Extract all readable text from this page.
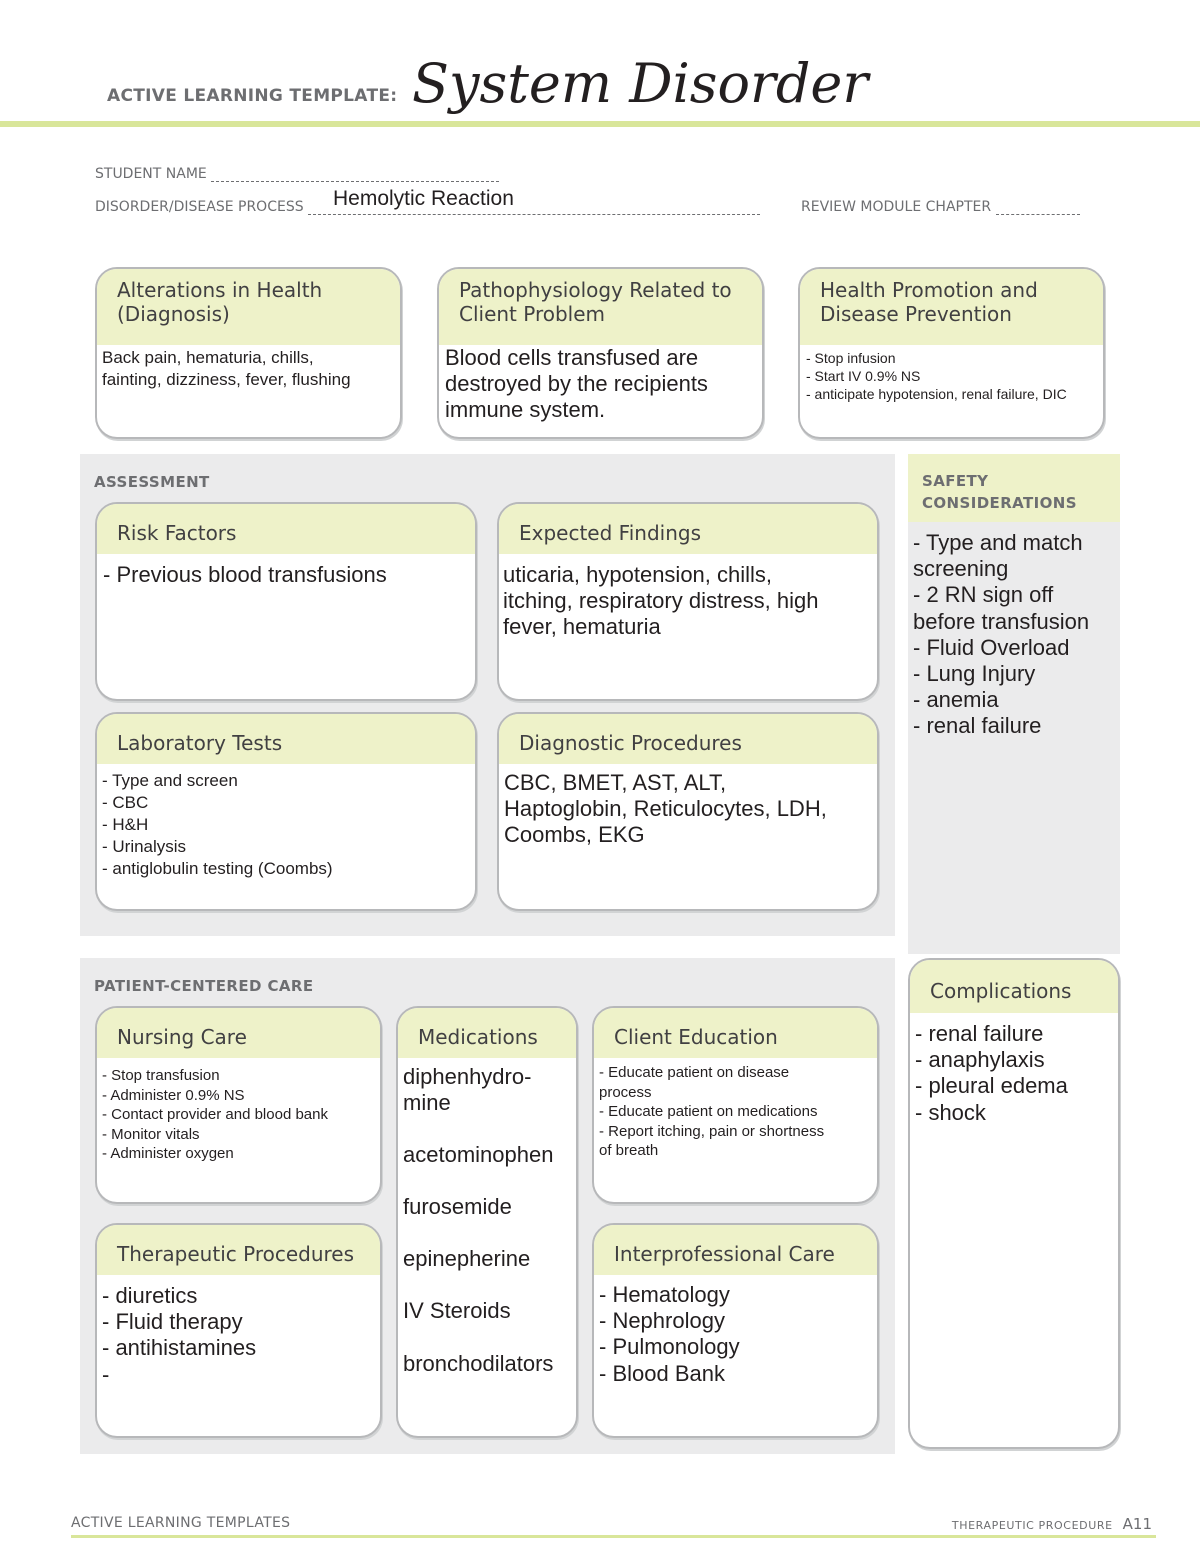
ACTIVE LEARNING TEMPLATE: System Disorder
STUDENT NAME
DISORDER/DISEASE PROCESS	Hemolytic Reaction	REVIEW MODULE CHAPTER
Alterations in Health (Diagnosis)
Back pain, hematuria, chills,
fainting, dizziness, fever, flushing
Pathophysiology Related to Client Problem
Blood cells transfused are
destroyed by the recipients
immune system.
Health Promotion and Disease Prevention
- Stop infusion
- Start IV 0.9% NS
- anticipate hypotension, renal failure, DIC
ASSESSMENT
Risk Factors
- Previous blood transfusions
Expected Findings
uticaria, hypotension, chills,
itching, respiratory distress, high
fever, hematuria
Laboratory Tests
- Type and screen
- CBC
- H&H
- Urinalysis
- antiglobulin testing (Coombs)
Diagnostic Procedures
CBC, BMET, AST, ALT,
Haptoglobin, Reticulocytes, LDH,
Coombs, EKG
SAFETY
CONSIDERATIONS
- Type and match
screening
- 2 RN sign off
before transfusion
- Fluid Overload
- Lung Injury
- anemia
- renal failure
PATIENT-CENTERED CARE
Nursing Care
- Stop transfusion
- Administer 0.9% NS
- Contact provider and blood bank
- Monitor vitals
- Administer oxygen
Medications
diphenhydro-
mine
acetominophen
furosemide
epinepherine
IV Steroids
bronchodilators
Client Education
- Educate patient on disease
process
- Educate patient on medications
- Report itching, pain or shortness
of breath
Therapeutic Procedures
- diuretics
- Fluid therapy
- antihistamines
-
Interprofessional Care
- Hematology
- Nephrology
- Pulmonology
- Blood Bank
Complications
- renal failure
- anaphylaxis
- pleural edema
- shock
ACTIVE LEARNING TEMPLATES	THERAPEUTIC PROCEDURE A11
